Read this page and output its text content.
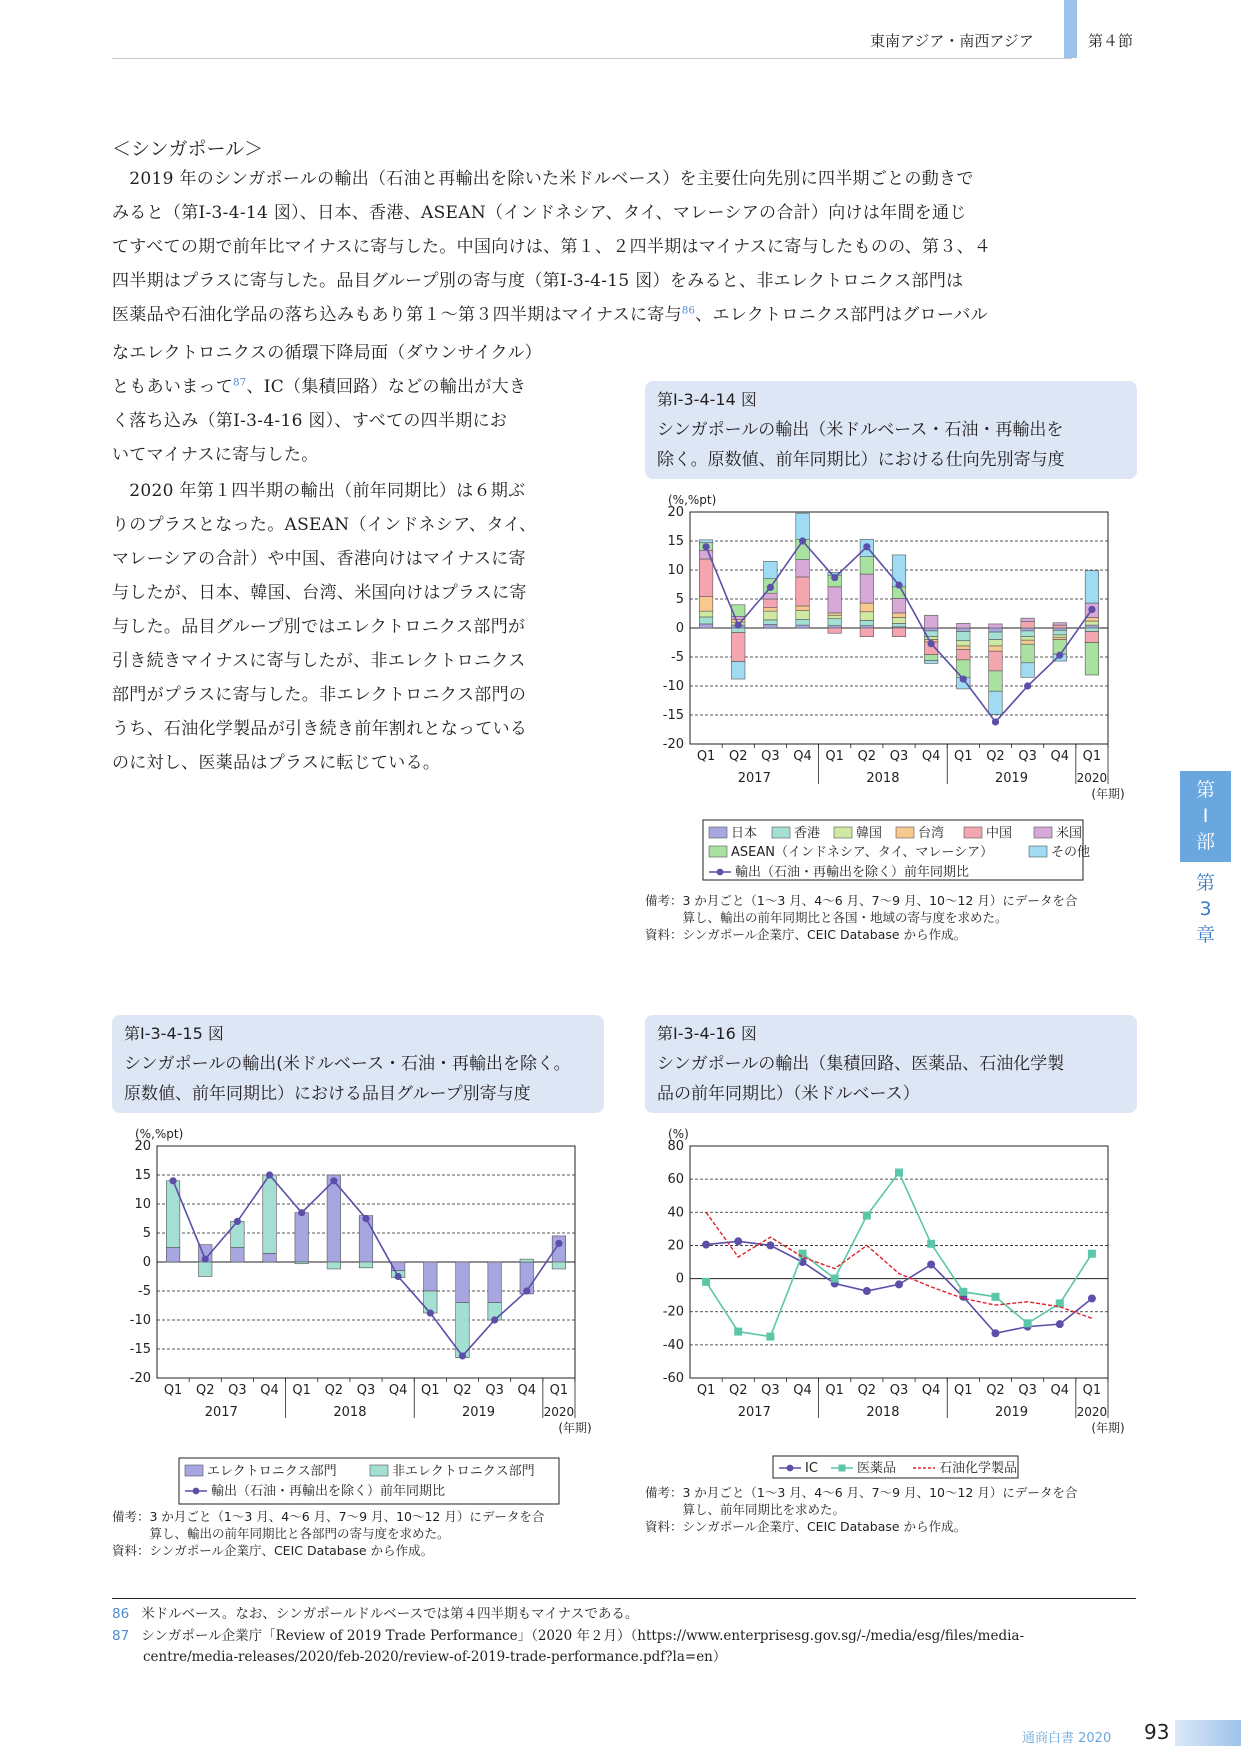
東南アジア・南西アジア	第４節
＜シンガポール＞
　2019 年のシンガポールの輸出（石油と再輸出を除いた米ドルベース）を主要仕向先別に四半期ごとの動きで
みると（第Ⅰ-3-4-14 図）、日本、香港、ASEAN（インドネシア、タイ、マレーシアの合計）向けは年間を通じ
てすべての期で前年比マイナスに寄与した。中国向けは、第１、２四半期はマイナスに寄与したものの、第３、４
四半期はプラスに寄与した。品目グループ別の寄与度（第Ⅰ-3-4-15 図）をみると、非エレクトロニクス部門は
医薬品や石油化学品の落ち込みもあり第１～第３四半期はマイナスに寄与$^{86}$、エレクトロニクス部門はグローバル
なエレクトロニクスの循環下降局面（ダウンサイクル）
ともあいまって$^{87}$、IC（集積回路）などの輸出が大き
く落ち込み（第Ⅰ-3-4-16 図）、すべての四半期にお
いてマイナスに寄与した。
　2020 年第１四半期の輸出（前年同期比）は６期ぶ
りのプラスとなった。ASEAN（インドネシア、タイ、
マレーシアの合計）や中国、香港向けはマイナスに寄
与したが、日本、韓国、台湾、米国向けはプラスに寄
与した。品目グループ別ではエレクトロニクス部門が
引き続きマイナスに寄与したが、非エレクトロニクス
部門がプラスに寄与した。非エレクトロニクス部門の
うち、石油化学製品が引き続き前年割れとなっている
のに対し、医薬品はプラスに転じている。
第Ⅰ-3-4-14 図
シンガポールの輸出（米ドルベース・石油・再輸出を
除く。原数値、前年同期比）における仕向先別寄与度
(%,%pt)
20
15
10
5
0
-5
-10
-15
-20
Q1 Q2 Q3 Q4 Q1 Q2 Q3 Q4 Q1 Q2 Q3 Q4 Q1
2017	2018	2019	2020
(年期)
日本	香港	韓国	台湾	中国	米国
ASEAN（インドネシア、タイ、マレーシア）	その他
輸出（石油・再輸出を除く）前年同期比
備考：3 か月ごと（1～3 月、4～6 月、7～9 月、10～12 月）にデータを合
　　　算し、輸出の前年同期比と各国・地域の寄与度を求めた。
資料：シンガポール企業庁、CEIC Database から作成。
第Ⅰ-3-4-15 図
シンガポールの輸出(米ドルベース・石油・再輸出を除く。
原数値、前年同期比）における品目グループ別寄与度
(%,%pt)
20
15
10
5
0
-5
-10
-15
-20
Q1 Q2 Q3 Q4 Q1 Q2 Q3 Q4 Q1 Q2 Q3 Q4 Q1
2017	2018	2019	2020
(年期)
エレクトロニクス部門	非エレクトロニクス部門
輸出（石油・再輸出を除く）前年同期比
備考：3 か月ごと（1～3 月、4～6 月、7～9 月、10～12 月）にデータを合
　　　算し、輸出の前年同期比と各部門の寄与度を求めた。
資料：シンガポール企業庁、CEIC Database から作成。
第Ⅰ-3-4-16 図
シンガポールの輸出（集積回路、医薬品、石油化学製
品の前年同期比）（米ドルベース）
(%)
80
60
40
20
0
-20
-40
-60
Q1 Q2 Q3 Q4 Q1 Q2 Q3 Q4 Q1 Q2 Q3 Q4 Q1
2017	2018	2019	2020
(年期)
IC	医薬品	石油化学製品
備考：3 か月ごと（1～3 月、4～6 月、7～9 月、10～12 月）にデータを合
　　　算し、前年同期比を求めた。
資料：シンガポール企業庁、CEIC Database から作成。
第
Ⅰ
部
第
3
章
86 米ドルベース。なお、シンガポールドルベースでは第４四半期もマイナスである。
87 シンガポール企業庁「Review of 2019 Trade Performance」（2020 年２月）（https://www.enterprisesg.gov.sg/-/media/esg/files/media-
centre/media-releases/2020/feb-2020/review-of-2019-trade-performance.pdf?la=en）
通商白書 2020 93
